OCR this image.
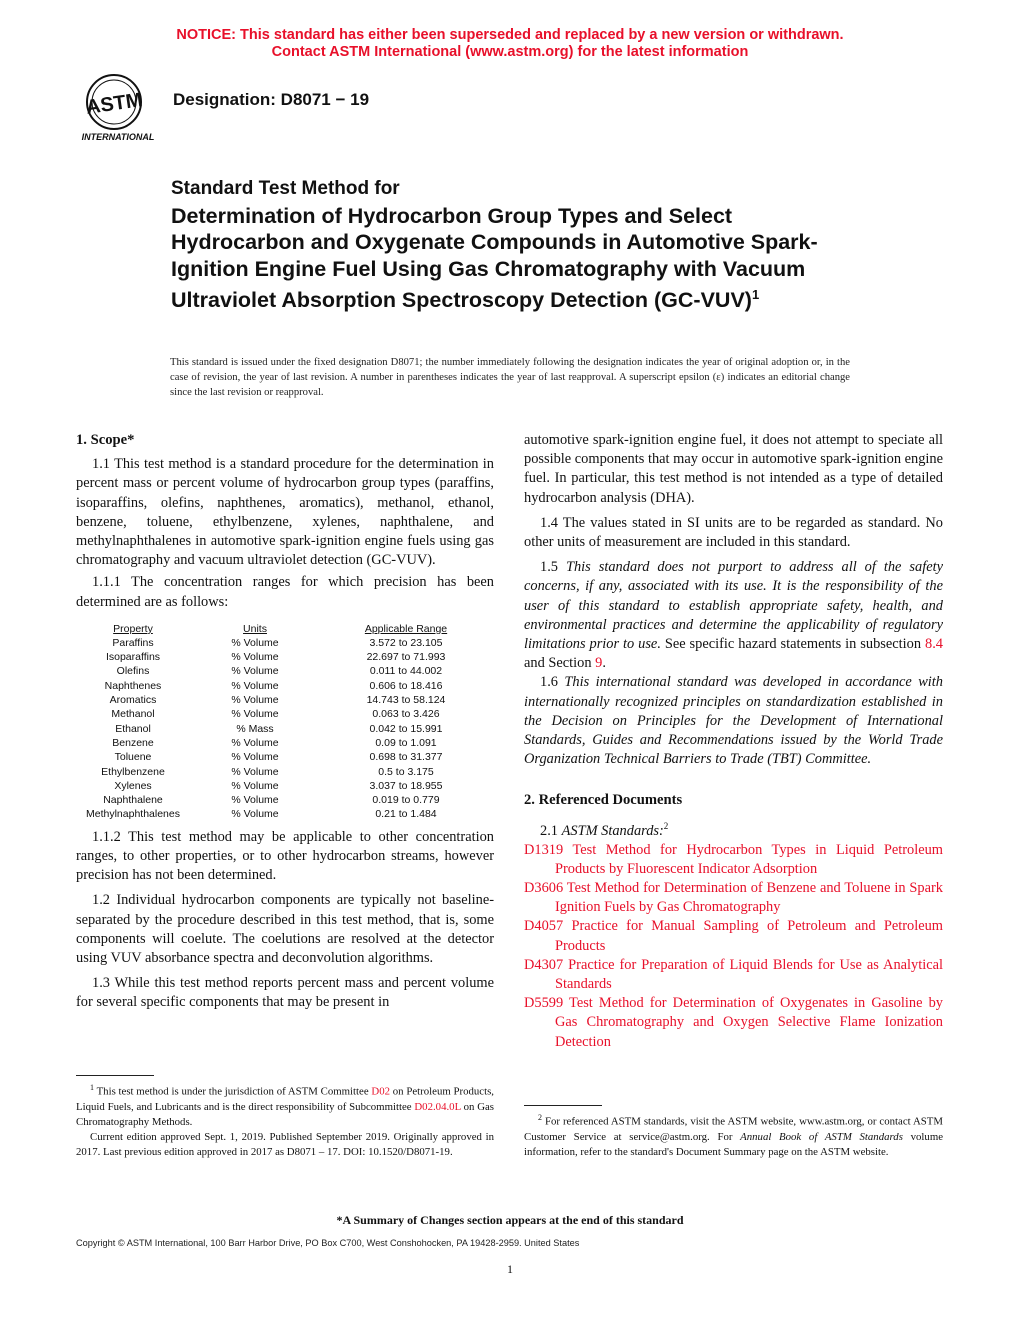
NOTICE: This standard has either been superseded and replaced by a new version or withdrawn.
Contact ASTM International (www.astm.org) for the latest information
ASTM
INTERNATIONAL
Designation: D8071 − 19
Standard Test Method for
Determination of Hydrocarbon Group Types and Select Hydrocarbon and Oxygenate Compounds in Automotive Spark-Ignition Engine Fuel Using Gas Chromatography with Vacuum Ultraviolet Absorption Spectroscopy Detection $(GC-VUV)^1$
This standard is issued under the fixed designation D8071; the number immediately following the designation indicates the year of original adoption or, in the case of revision, the year of last revision. A number in parentheses indicates the year of last reapproval. A superscript epsilon (ε) indicates an editorial change since the last revision or reapproval.
1. Scope*

1.1 This test method is a standard procedure for the determination in percent mass or percent volume of hydrocarbon group types (paraffins, isoparaffins, olefins, naphthenes, aromatics), methanol, ethanol, benzene, toluene, ethylbenzene, xylenes, naphthalene, and methylnaphthalenes in automotive spark-ignition engine fuels using gas chromatography and vacuum ultraviolet detection (GC-VUV).

1.1.1 The concentration ranges for which precision has been determined are as follows:

Property	Units	Applicable Range
Paraffins	% Volume	3.572 to 23.105
Isoparaffins	% Volume	22.697 to 71.993
Olefins	% Volume	0.011 to 44.002
Naphthenes	% Volume	0.606 to 18.416
Aromatics	% Volume	14.743 to 58.124
Methanol	% Volume	0.063 to 3.426
Ethanol	% Mass	0.042 to 15.991
Benzene	% Volume	0.09 to 1.091
Toluene	% Volume	0.698 to 31.377
Ethylbenzene	% Volume	0.5 to 3.175
Xylenes	% Volume	3.037 to 18.955
Naphthalene	% Volume	0.019 to 0.779
Methylnaphthalenes	% Volume	0.21 to 1.484

1.1.2 This test method may be applicable to other concentration ranges, to other properties, or to other hydrocarbon streams, however precision has not been determined.

1.2 Individual hydrocarbon components are typically not baseline-separated by the procedure described in this test method, that is, some components will coelute. The coelutions are resolved at the detector using VUV absorbance spectra and deconvolution algorithms.

1.3 While this test method reports percent mass and percent volume for several specific components that may be present in

automotive spark-ignition engine fuel, it does not attempt to speciate all possible components that may occur in automotive spark-ignition engine fuel. In particular, this test method is not intended as a type of detailed hydrocarbon analysis (DHA).

1.4 The values stated in SI units are to be regarded as standard. No other units of measurement are included in this standard.

1.5 This standard does not purport to address all of the safety concerns, if any, associated with its use. It is the responsibility of the user of this standard to establish appropriate safety, health, and environmental practices and determine the applicability of regulatory limitations prior to use. See specific hazard statements in subsection 8.4 and Section 9.

1.6 This international standard was developed in accordance with internationally recognized principles on standardization established in the Decision on Principles for the Development of International Standards, Guides and Recommendations issued by the World Trade Organization Technical Barriers to Trade (TBT) Committee.

2. Referenced Documents

2.1 ASTM Standards:$^2$

D1319 Test Method for Hydrocarbon Types in Liquid Petroleum Products by Fluorescent Indicator Adsorption

D3606 Test Method for Determination of Benzene and Toluene in Spark Ignition Fuels by Gas Chromatography

D4057 Practice for Manual Sampling of Petroleum and Petroleum Products

D4307 Practice for Preparation of Liquid Blends for Use as Analytical Standards

D5599 Test Method for Determination of Oxygenates in Gasoline by Gas Chromatography and Oxygen Selective Flame Ionization Detection

$^1$ This test method is under the jurisdiction of ASTM Committee D02 on Petroleum Products, Liquid Fuels, and Lubricants and is the direct responsibility of Subcommittee D02.04.0L on Gas Chromatography Methods.

Current edition approved Sept. 1, 2019. Published September 2019. Originally approved in 2017. Last previous edition approved in 2017 as D8071 – 17. DOI: 10.1520/D8071-19.

$^2$ For referenced ASTM standards, visit the ASTM website, www.astm.org, or contact ASTM Customer Service at service@astm.org. For Annual Book of ASTM Standards volume information, refer to the standard's Document Summary page on the ASTM website.

*A Summary of Changes section appears at the end of this standard
Copyright © ASTM International, 100 Barr Harbor Drive, PO Box C700, West Conshohocken, PA 19428-2959. United States
1
